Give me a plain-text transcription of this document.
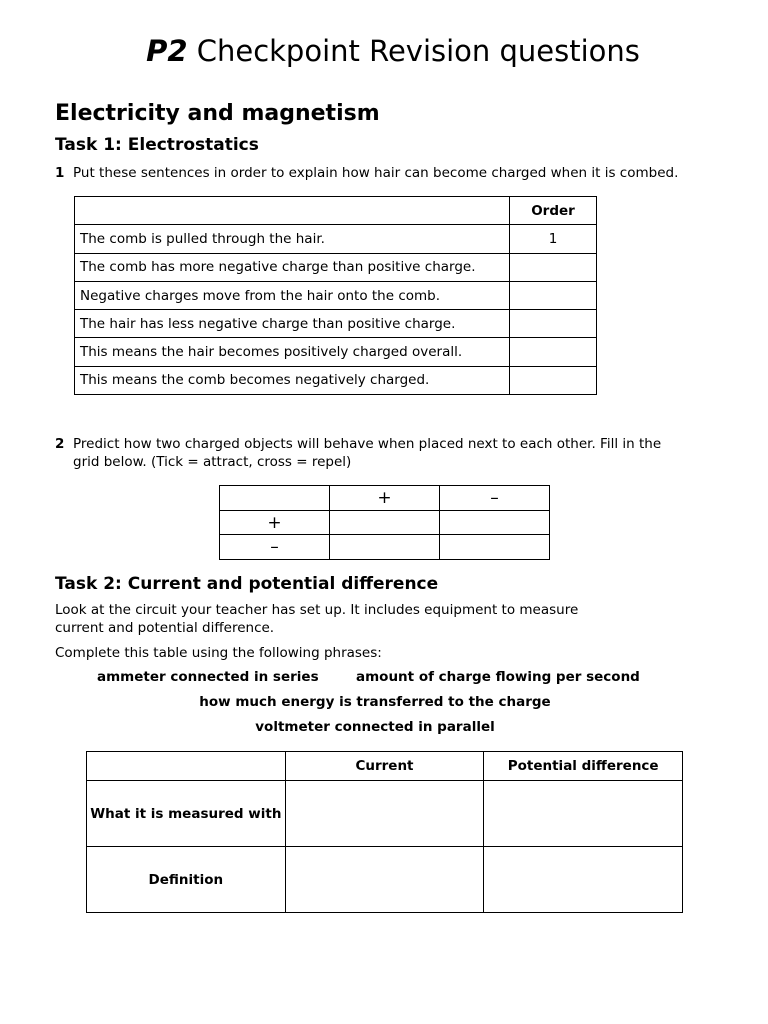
P2 Checkpoint Revision questions
Electricity and magnetism
Task 1: Electrostatics
1 Put these sentences in order to explain how hair can become charged when it is combed.
	Order
The comb is pulled through the hair.	1
The comb has more negative charge than positive charge.	
Negative charges move from the hair onto the comb.	
The hair has less negative charge than positive charge.	
This means the hair becomes positively charged overall.	
This means the comb becomes negatively charged.	
2 Predict how two charged objects will behave when placed next to each other. Fill in the
grid below. (Tick = attract, cross = repel)
	+	–
+		
–		
Task 2: Current and potential difference
Look at the circuit your teacher has set up. It includes equipment to measure
current and potential difference.
Complete this table using the following phrases:
ammeter connected in series	amount of charge flowing per second
how much energy is transferred to the charge
voltmeter connected in parallel
	Current	Potential difference
What it is measured with		
Definition		
